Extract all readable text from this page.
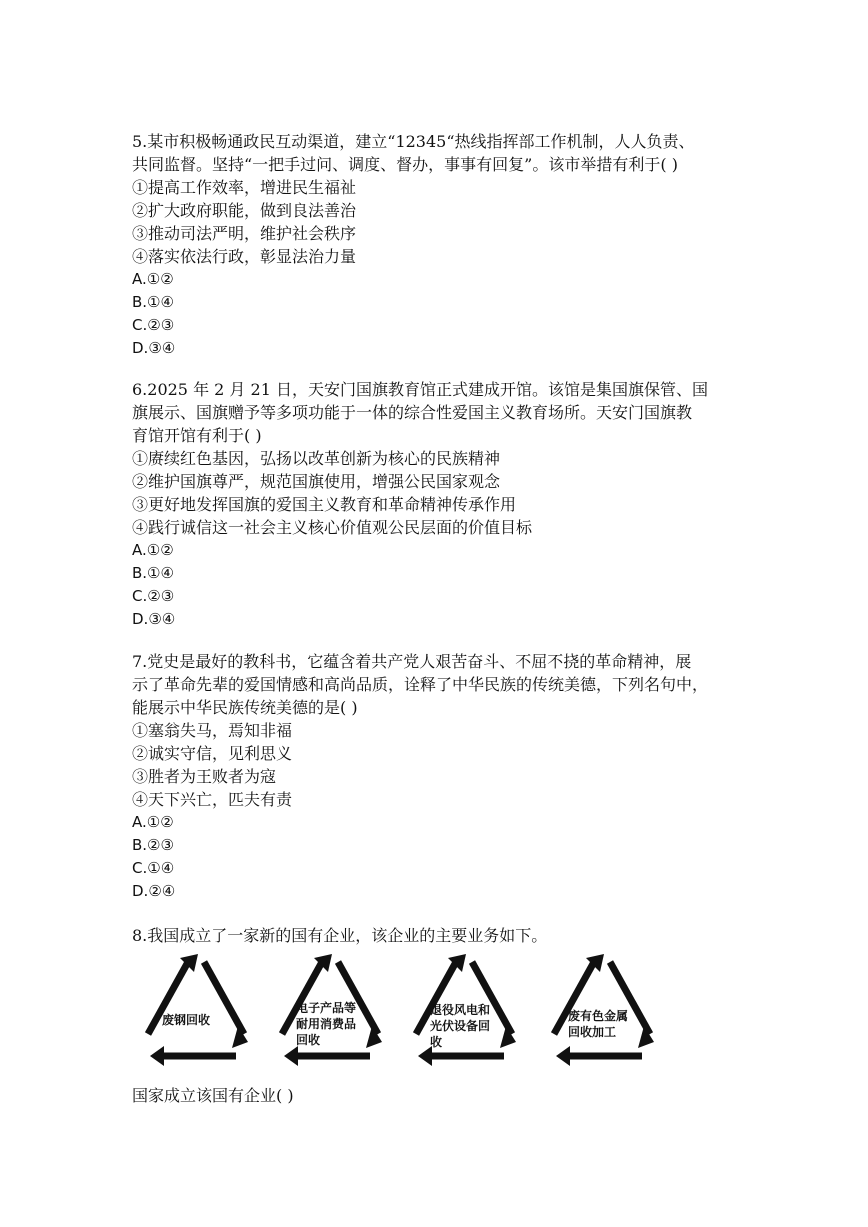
5.某市积极畅通政民互动渠道，建立“12345“热线指挥部工作机制，人人负责、
共同监督。坚持“一把手过问、调度、督办，事事有回复”。该市举措有利于( )
①提高工作效率，增进民生福祉
②扩大政府职能，做到良法善治
③推动司法严明，维护社会秩序
④落实依法行政，彰显法治力量
A.①②
B.①④
C.②③
D.③④
6.2025 年 2 月 21 日，天安门国旗教育馆正式建成开馆。该馆是集国旗保管、国
旗展示、国旗赠予等多项功能于一体的综合性爱国主义教育场所。天安门国旗教
育馆开馆有利于( )
①赓续红色基因，弘扬以改革创新为核心的民族精神
②维护国旗尊严，规范国旗使用，增强公民国家观念
③更好地发挥国旗的爱国主义教育和革命精神传承作用
④践行诚信这一社会主义核心价值观公民层面的价值目标
A.①②
B.①④
C.②③
D.③④
7.党史是最好的教科书，它蕴含着共产党人艰苦奋斗、不屈不挠的革命精神，展
示了革命先辈的爱国情感和高尚品质，诠释了中华民族的传统美德，下列名句中，
能展示中华民族传统美德的是( )
①塞翁失马，焉知非福
②诚实守信，见利思义
③胜者为王败者为寇
④天下兴亡，匹夫有责
A.①②
B.②③
C.①④
D.②④
8.我国成立了一家新的国有企业，该企业的主要业务如下。
废钢回收
电子产品等耐用消费品回收
退役风电和光伏设备回收
废有色金属回收加工
国家成立该国有企业( )
